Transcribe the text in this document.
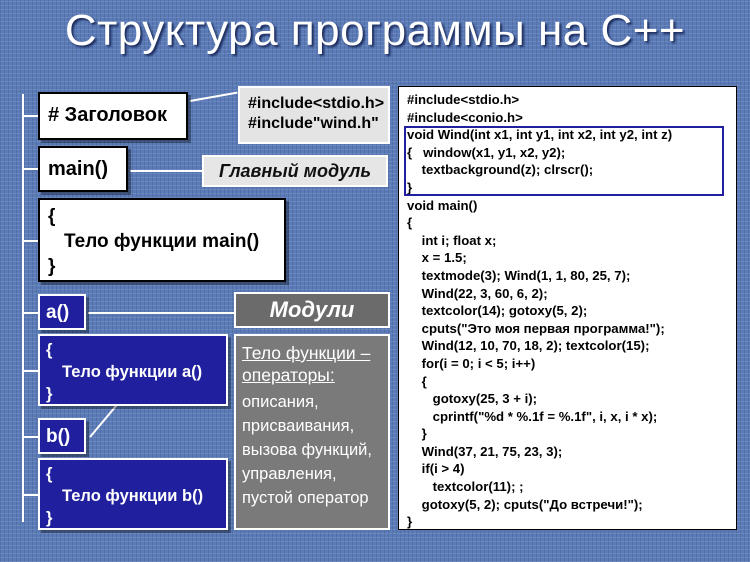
Структура программы на С++
# Заголовок
#include<stdio.h>
#include"wind.h"
main()	Главный модуль
{
Тело функции main()
}
a()
{
Тело функции a()
}
b()
{
Тело функции b()
}
Модули
Тело функции – операторы:
описания,
присваивания,
вызова функций,
управления,
пустой оператор
#include<stdio.h>
#include<conio.h>
void Wind(int x1, int y1, int x2, int y2, int z)
{   window(x1, y1, x2, y2);
textbackground(z); clrscr();
}
void main()
{
int i; float x;
x = 1.5;
textmode(3); Wind(1, 1, 80, 25, 7);
Wind(22, 3, 60, 6, 2);
textcolor(14); gotoxy(5, 2);
cputs("Это моя первая программа!");
Wind(12, 10, 70, 18, 2); textcolor(15);
for(i = 0; i < 5; i++)
{
gotoxy(25, 3 + i);
cprintf("%d * %.1f = %.1f", i, x, i * x);
}
Wind(37, 21, 75, 23, 3);
if(i > 4)
textcolor(11); ;
gotoxy(5, 2); cputs("До встречи!");
}
